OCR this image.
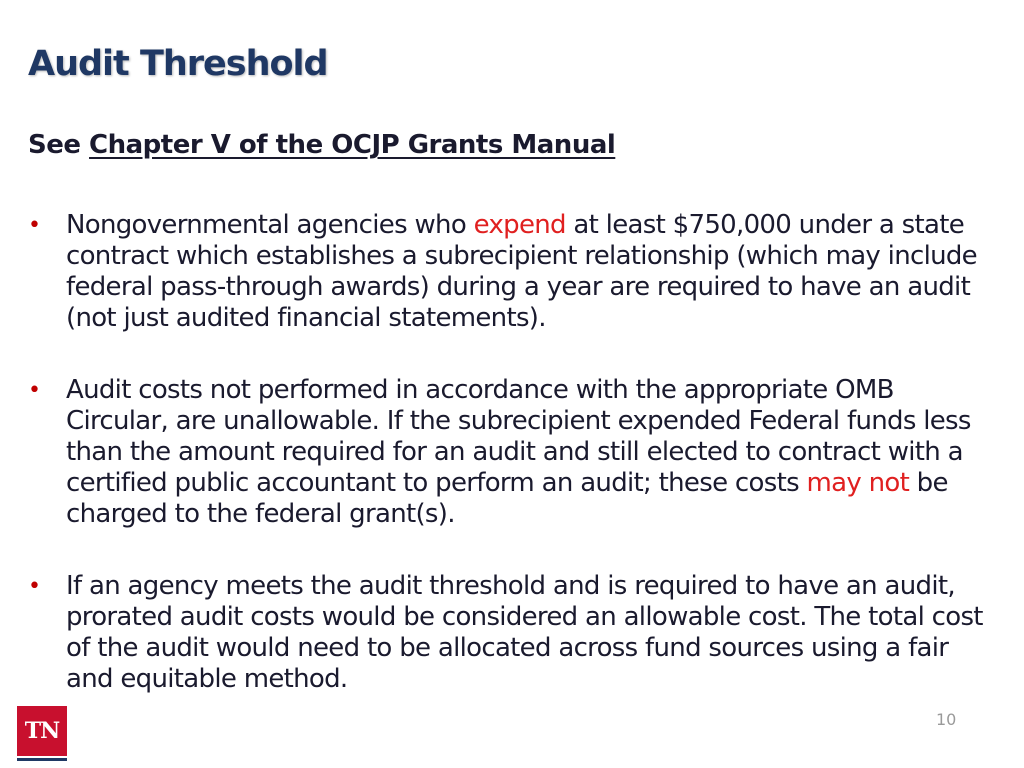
Audit Threshold
See Chapter V of the OCJP Grants Manual
• Nongovernmental agencies who expend at least $750,000 under a state contract which establishes a subrecipient relationship (which may include federal pass-through awards) during a year are required to have an audit (not just audited financial statements).
• Audit costs not performed in accordance with the appropriate OMB Circular, are unallowable. If the subrecipient expended Federal funds less than the amount required for an audit and still elected to contract with a certified public accountant to perform an audit; these costs may not be charged to the federal grant(s).
• If an agency meets the audit threshold and is required to have an audit, prorated audit costs would be considered an allowable cost. The total cost of the audit would need to be allocated across fund sources using a fair and equitable method.
TN	10
